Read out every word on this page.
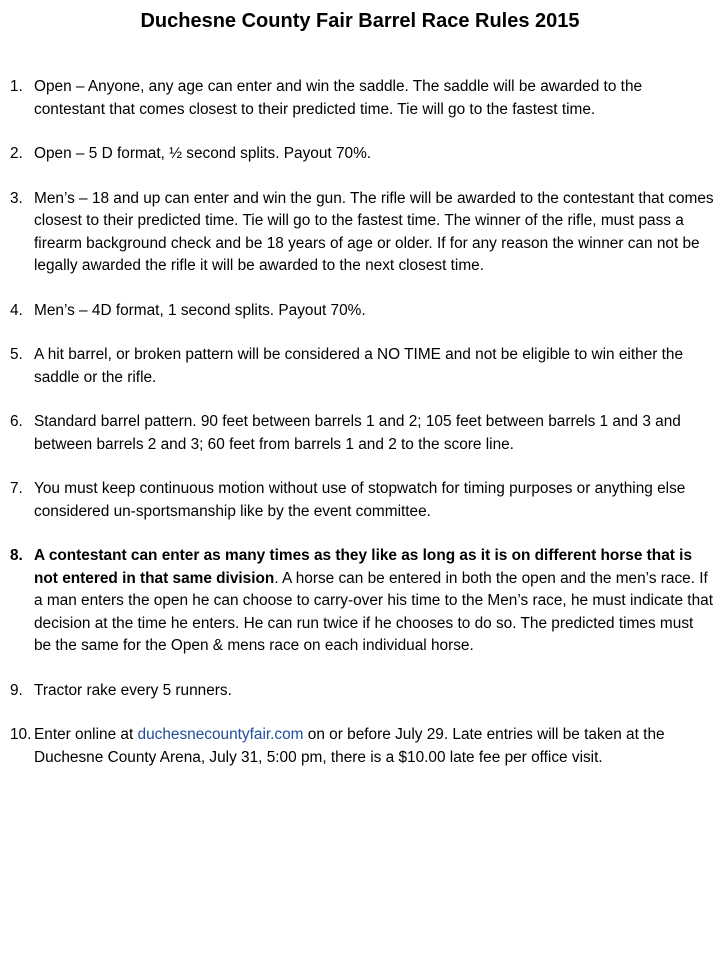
Duchesne County Fair Barrel Race Rules 2015
1. Open – Anyone, any age can enter and win the saddle. The saddle will be awarded to the contestant that comes closest to their predicted time. Tie will go to the fastest time.
2. Open – 5 D format, ½ second splits. Payout 70%.
3. Men’s – 18 and up can enter and win the gun. The rifle will be awarded to the contestant that comes closest to their predicted time. Tie will go to the fastest time. The winner of the rifle, must pass a firearm background check and be 18 years of age or older. If for any reason the winner can not be legally awarded the rifle it will be awarded to the next closest time.
4. Men’s – 4D format, 1 second splits. Payout 70%.
5. A hit barrel, or broken pattern will be considered a NO TIME and not be eligible to win either the saddle or the rifle.
6. Standard barrel pattern. 90 feet between barrels 1 and 2; 105 feet between barrels 1 and 3 and between barrels 2 and 3; 60 feet from barrels 1 and 2 to the score line.
7. You must keep continuous motion without use of stopwatch for timing purposes or anything else considered un-sportsmanship like by the event committee.
8. A contestant can enter as many times as they like as long as it is on different horse that is not entered in that same division. A horse can be entered in both the open and the men’s race. If a man enters the open he can choose to carry-over his time to the Men’s race, he must indicate that decision at the time he enters. He can run twice if he chooses to do so. The predicted times must be the same for the Open & mens race on each individual horse.
9. Tractor rake every 5 runners.
10. Enter online at duchesnecountyfair.com on or before July 29. Late entries will be taken at the Duchesne County Arena, July 31, 5:00 pm, there is a $10.00 late fee per office visit.
